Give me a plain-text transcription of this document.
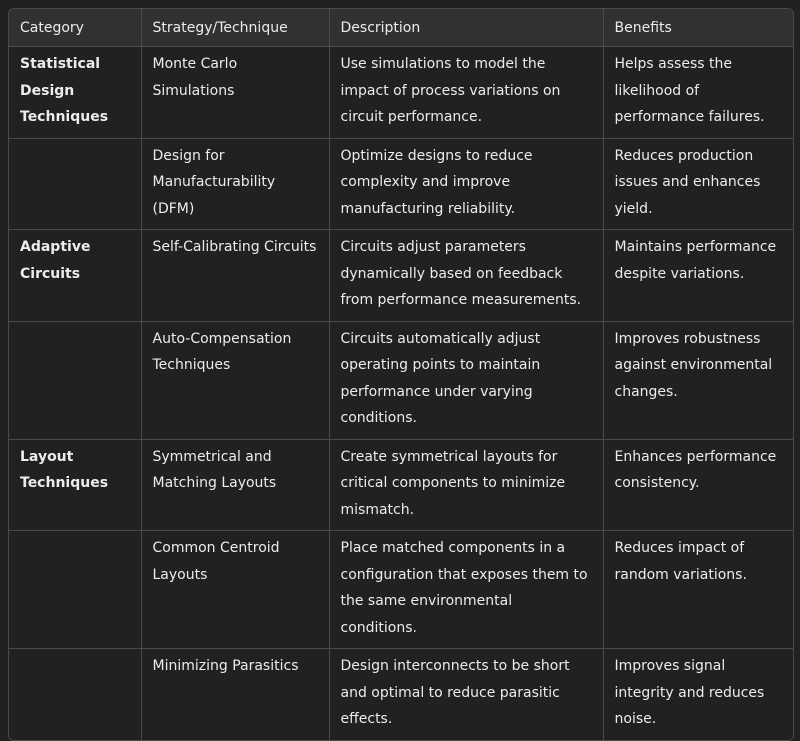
Category	Strategy/Technique	Description	Benefits
Statistical Design Techniques	Monte Carlo Simulations	Use simulations to model the impact of process variations on circuit performance.	Helps assess the likelihood of performance failures.
	Design for Manufacturability (DFM)	Optimize designs to reduce complexity and improve manufacturing reliability.	Reduces production issues and enhances yield.
Adaptive Circuits	Self-Calibrating Circuits	Circuits adjust parameters dynamically based on feedback from performance measurements.	Maintains performance despite variations.
	Auto-Compensation Techniques	Circuits automatically adjust operating points to maintain performance under varying conditions.	Improves robustness against environmental changes.
Layout Techniques	Symmetrical and Matching Layouts	Create symmetrical layouts for critical components to minimize mismatch.	Enhances performance consistency.
	Common Centroid Layouts	Place matched components in a configuration that exposes them to the same environmental conditions.	Reduces impact of random variations.
	Minimizing Parasitics	Design interconnects to be short and optimal to reduce parasitic effects.	Improves signal integrity and reduces noise.
